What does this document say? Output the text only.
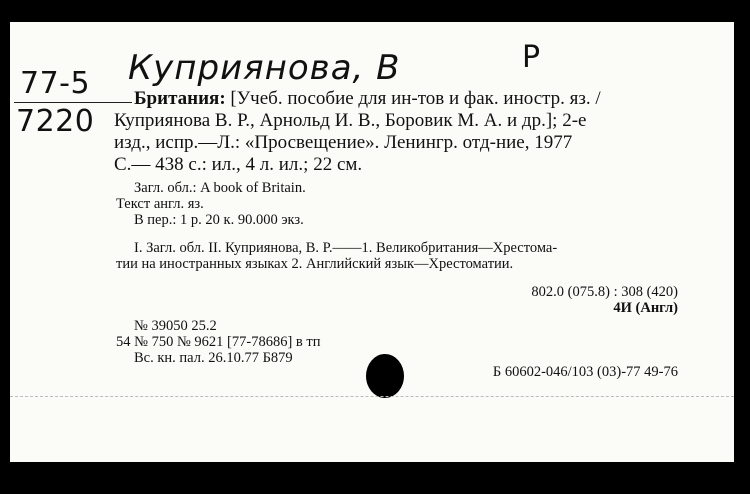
77-5
7220
Куприянова, В	Р
Британия: [Учеб. пособие для ин-тов и фак. иностр. яз. /
Куприянова В. Р., Арнольд И. В., Боровик М. А. и др.]; 2-е
изд., испр.—Л.: «Просвещение». Ленингр. отд-ние, 1977
С.— 438 с.: ил., 4 л. ил.; 22 см.
Загл. обл.: A book of Britain.
Текст англ. яз.
В пер.: 1 р. 20 к. 90.000 экз.
I. Загл. обл. II. Куприянова, В. Р.——1. Великобритания—Хрестома-
тии на иностранных языках 2. Английский язык—Хрестоматии.
802.0 (075.8) : 308 (420)
4И (Англ)
№ 39050 25.2
54 № 750 № 9621 [77-78686] в тп
Вс. кн. пал. 26.10.77 Б879
Б 60602-046/103 (03)-77 49-76
